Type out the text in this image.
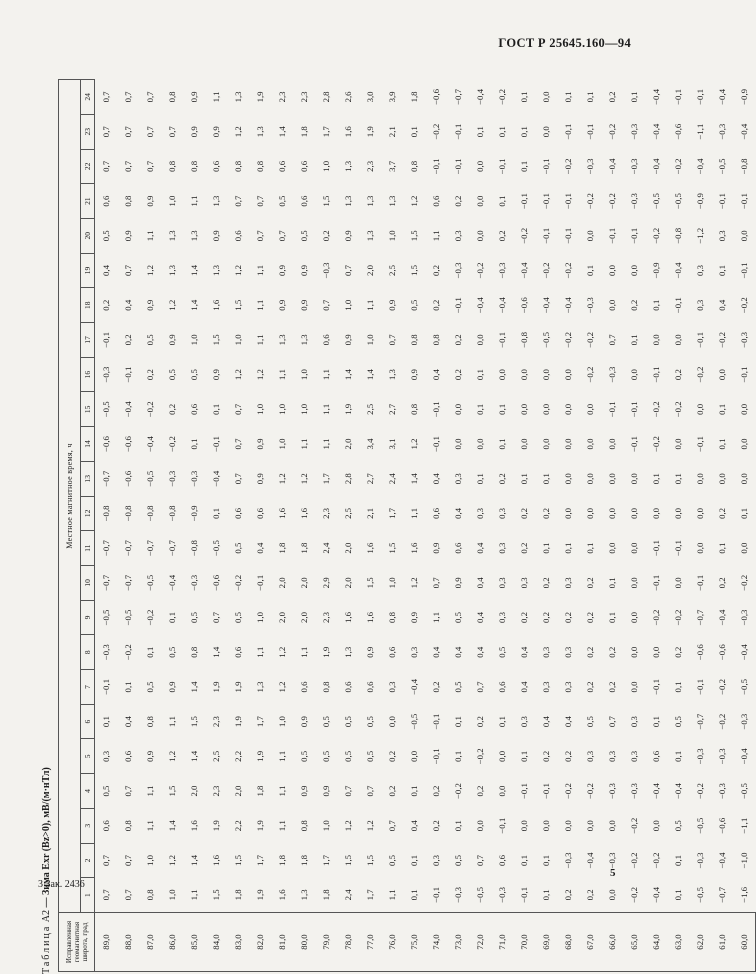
ГОСТ Р 25645.160—94
Таблица А2 — Зима Exr (Bz>0), мВ/(м·нТл)
Исправленная геомагнитная широта, град	Местное магнитное время, ч																							
	1	2	3	4	5	6	7	8	9	10	11	12	13	14	15	16	17	18	19	20	21	22	23	24
89,0	0,7	0,7	0,6	0,5	0,3	0,1	−0,1	−0,3	−0,5	−0,7	−0,7	−0,8	−0,7	−0,6	−0,5	−0,3	−0,1	0,2	0,4	0,5	0,6	0,7	0,7	0,7
88,0	0,7	0,7	0,8	0,7	0,6	0,4	0,1	−0,2	−0,5	−0,7	−0,7	−0,8	−0,6	−0,6	−0,4	−0,1	0,2	0,4	0,7	0,9	0,8	0,7	0,7	0,7
87,0	0,8	1,0	1,1	1,1	0,9	0,8	0,5	0,1	−0,2	−0,5	−0,7	−0,8	−0,5	−0,4	−0,2	0,2	0,5	0,9	1,2	1,1	0,9	0,7	0,7	0,7
86,0	1,0	1,2	1,4	1,5	1,2	1,1	0,9	0,5	0,1	−0,4	−0,7	−0,8	−0,3	−0,2	0,2	0,5	0,9	1,2	1,3	1,3	1,0	0,8	0,7	0,8
85,0	1,1	1,4	1,6	2,0	1,4	1,5	1,4	0,8	0,5	−0,3	−0,8	−0,9	−0,3	0,1	0,6	0,5	1,0	1,4	1,4	1,3	1,1	0,8	0,9	0,9
84,0	1,5	1,6	1,9	2,3	2,5	2,3	1,9	1,4	0,7	−0,6	−0,5	0,1	−0,4	−0,1	0,1	0,9	1,5	1,6	1,3	0,9	1,3	0,6	0,9	1,1
83,0	1,8	1,5	2,2	2,0	2,2	1,9	1,9	0,6	0,5	−0,2	0,5	0,6	0,7	0,7	0,7	1,2	1,0	1,5	1,2	0,6	0,7	0,8	1,2	1,3
82,0	1,9	1,7	1,9	1,8	1,9	1,7	1,3	1,1	1,0	−0,1	0,4	0,6	0,9	0,9	1,0	1,2	1,1	1,1	1,1	0,7	0,7	0,8	1,3	1,9
81,0	1,6	1,8	1,1	1,1	1,1	1,0	1,2	1,2	2,0	2,0	1,8	1,6	1,2	1,0	1,0	1,1	1,3	0,9	0,9	0,7	0,5	0,6	1,4	2,3
80,0	1,3	1,8	0,8	0,9	0,5	0,9	0,6	1,1	2,0	2,0	1,8	1,6	1,2	1,1	1,0	1,0	1,3	0,9	0,9	0,5	0,6	0,6	1,8	2,3
79,0	1,8	1,7	1,0	0,9	0,5	0,5	0,8	1,9	2,3	2,9	2,4	2,3	1,7	1,1	1,1	1,1	0,6	0,7	−0,3	0,2	1,5	1,0	1,7	2,8
78,0	2,4	1,5	1,2	0,7	0,5	0,5	0,6	1,3	1,6	2,0	2,0	2,5	2,8	2,0	1,9	1,4	0,9	1,0	0,7	0,9	1,3	1,3	1,6	2,6
77,0	1,7	1,5	1,2	0,7	0,5	0,5	0,6	0,9	1,6	1,5	1,6	2,1	2,7	3,4	2,5	1,4	1,0	1,1	2,0	1,3	1,3	2,3	1,9	3,0
76,0	1,1	0,5	0,7	0,2	0,2	0,0	0,3	0,6	0,8	1,0	1,5	1,7	2,4	3,1	2,7	1,3	0,7	0,9	2,5	1,0	1,3	3,7	2,1	3,9
75,0	0,1	0,1	0,4	0,1	0,0	−0,5	−0,4	0,3	0,9	1,2	1,6	1,1	1,4	1,2	0,8	0,9	0,8	0,5	1,5	1,5	1,2	0,8	0,1	1,8
74,0	−0,1	0,3	0,2	0,2	−0,1	−0,1	0,2	0,4	1,1	0,7	0,9	0,6	0,4	−0,1	−0,1	0,4	0,8	0,2	0,2	1,1	0,6	−0,1	−0,2	−0,6
73,0	−0,3	0,5	0,1	−0,2	0,1	0,1	0,5	0,4	0,5	0,9	0,6	0,4	0,3	0,0	0,0	0,2	0,2	−0,1	−0,3	0,3	0,2	−0,1	−0,1	−0,7
72,0	−0,5	0,7	0,0	0,2	−0,2	0,2	0,7	0,4	0,4	0,4	0,4	0,3	0,1	0,0	0,1	0,1	0,0	−0,4	−0,2	0,0	0,0	0,0	0,1	−0,4
71,0	−0,3	0,6	−0,1	0,0	0,0	0,1	0,6	0,5	0,3	0,3	0,3	0,3	0,2	0,1	0,1	0,0	−0,1	−0,4	−0,3	0,2	0,1	−0,1	0,1	−0,2
70,0	−0,1	0,1	0,0	−0,1	0,1	0,3	0,4	0,4	0,2	0,3	0,2	0,2	0,1	0,0	0,0	0,0	−0,8	−0,6	−0,4	−0,2	−0,1	0,1	0,1	0,1
69,0	0,1	0,1	0,0	−0,1	0,2	0,4	0,3	0,3	0,2	0,2	0,1	0,2	0,1	0,0	0,0	0,0	−0,5	−0,4	−0,2	−0,1	−0,1	−0,1	0,0	0,0
68,0	0,2	−0,3	0,0	−0,2	0,2	0,4	0,3	0,3	0,2	0,3	0,1	0,0	0,0	0,0	0,0	0,0	−0,2	−0,4	−0,2	−0,1	−0,1	−0,2	−0,1	0,1
67,0	0,2	−0,4	0,0	−0,2	0,3	0,5	0,2	0,2	0,2	0,2	0,1	0,0	0,0	0,0	0,0	−0,2	−0,2	−0,3	0,1	0,0	−0,2	−0,3	−0,1	0,1
66,0	0,0	−0,3	0,0	−0,3	0,3	0,7	0,2	0,2	0,1	0,1	0,0	0,0	0,0	0,0	−0,1	−0,3	0,7	0,0	0,0	−0,1	−0,2	−0,4	−0,2	0,2
65,0	−0,2	−0,2	−0,2	−0,3	0,3	0,3	0,0	0,0	0,0	0,0	0,0	0,0	0,0	−0,1	−0,1	0,0	0,1	0,2	0,0	−0,1	−0,3	−0,3	−0,3	0,1
64,0	−0,4	−0,2	0,0	−0,4	0,6	0,1	−0,1	0,0	−0,2	−0,1	−0,1	0,0	0,1	−0,2	−0,2	−0,1	0,0	0,1	−0,9	−0,2	−0,5	−0,4	−0,4	−0,4
63,0	0,1	0,1	0,5	−0,4	0,1	0,5	0,1	0,2	−0,2	0,0	−0,1	0,0	0,1	0,0	−0,2	0,2	0,0	−0,1	−0,4	−0,8	−0,5	−0,2	−0,6	−0,1
62,0	−0,5	−0,3	−0,5	−0,2	−0,3	−0,7	−0,1	−0,6	−0,7	−0,1	0,0	0,0	0,0	−0,1	0,0	−0,2	−0,1	0,3	0,3	−1,2	−0,9	−0,4	−1,1	−0,1
61,0	−0,7	−0,4	−0,6	−0,3	−0,3	−0,2	−0,2	−0,6	−0,4	0,2	0,1	0,2	0,0	0,1	0,1	0,0	−0,2	0,4	0,1	0,3	−0,1	−0,5	−0,3	−0,4
60,0	−1,6	−1,0	−1,1	−0,5	−0,4	−0,3	−0,5	−0,4	−0,3	−0,2	0,0	0,1	0,0	0,0	0,0	−0,1	−0,3	−0,2	−0,1	0,0	−0,1	−0,8	−0,4	−0,9
3 Зак. 2436
5
